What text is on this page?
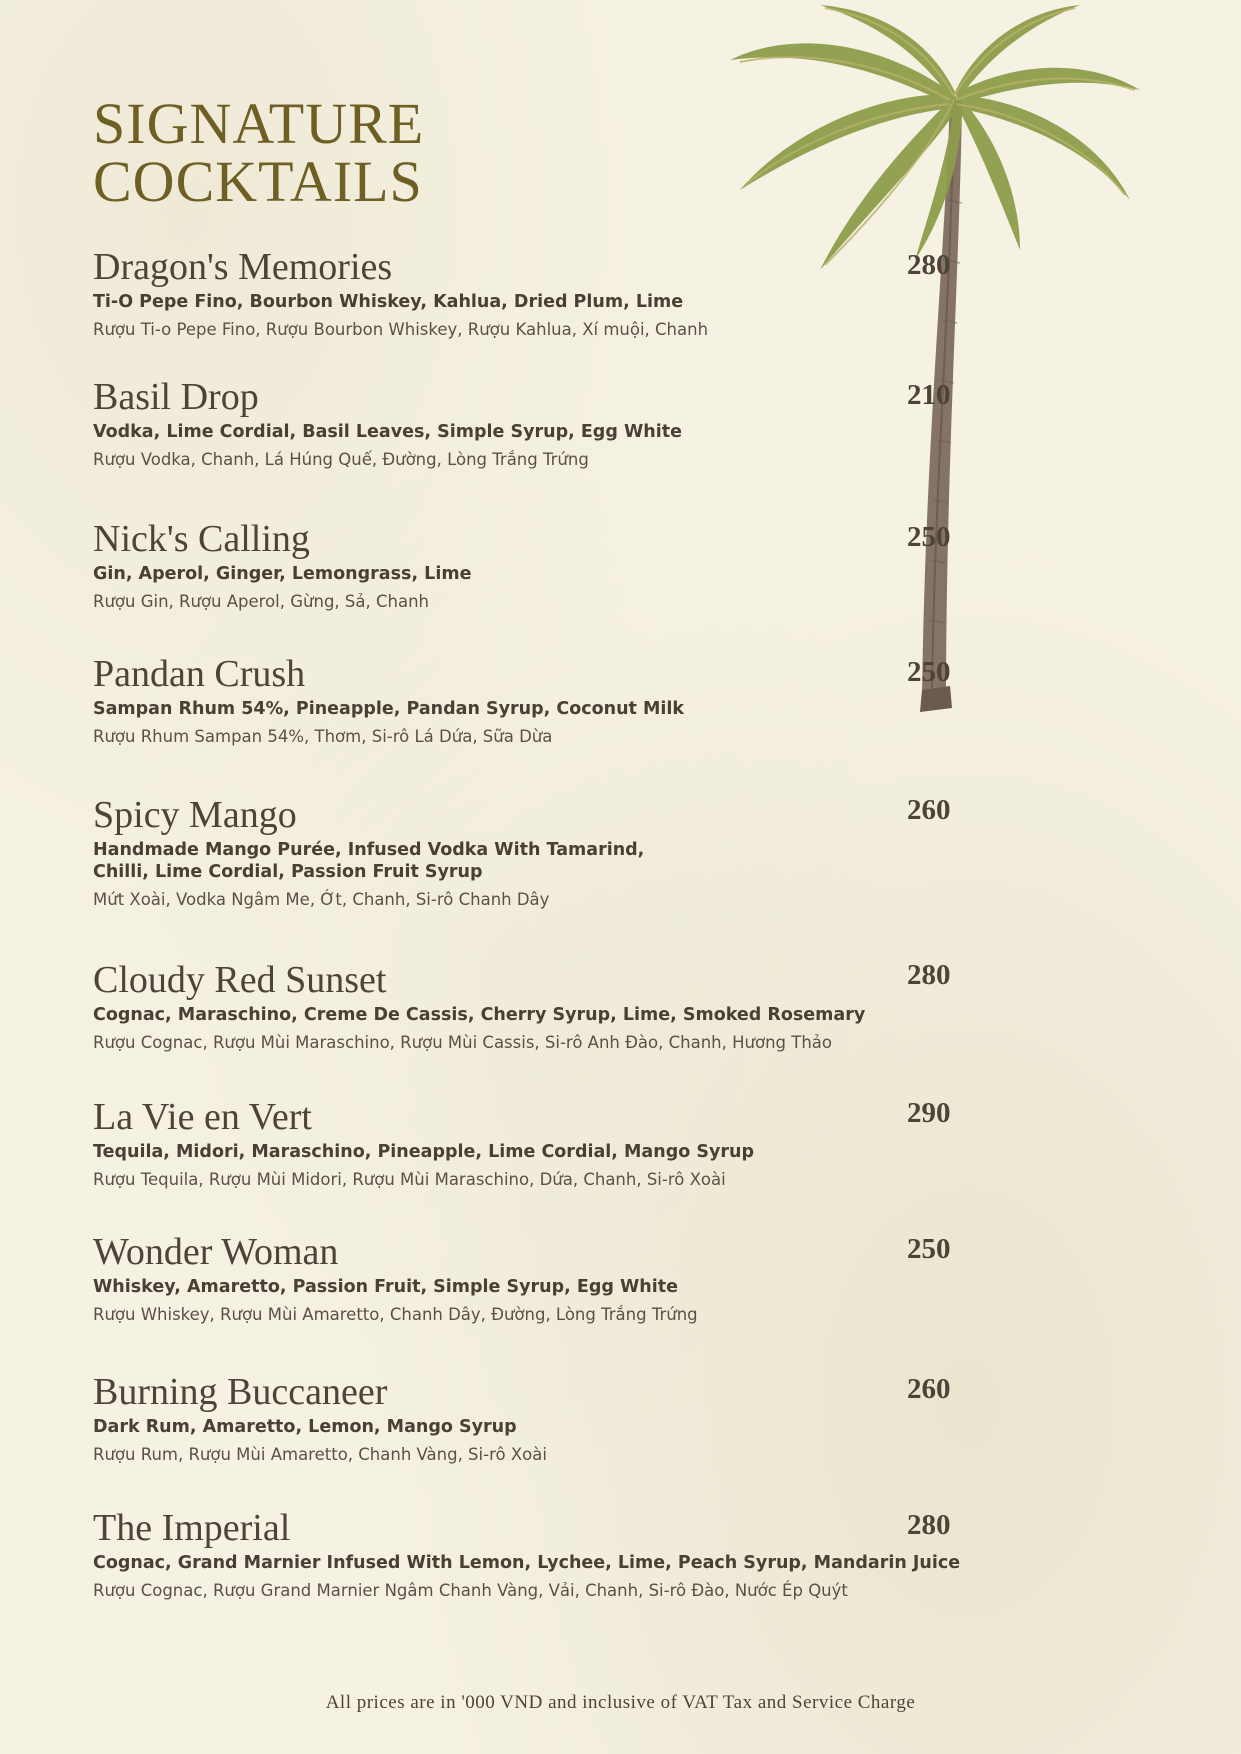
SIGNATURE
COCKTAILS
Dragon's Memories

Ti-O Pepe Fino, Bourbon Whiskey, Kahlua, Dried Plum, Lime

Rượu Ti-o Pepe Fino, Rượu Bourbon Whiskey, Rượu Kahlua, Xí muội, Chanh

280
Basil Drop

Vodka, Lime Cordial, Basil Leaves, Simple Syrup, Egg White

Rượu Vodka, Chanh, Lá Húng Quế, Đường, Lòng Trắng Trứng

210
Nick's Calling

Gin, Aperol, Ginger, Lemongrass, Lime

Rượu Gin, Rượu Aperol, Gừng, Sả, Chanh

250
Pandan Crush

Sampan Rhum 54%, Pineapple, Pandan Syrup, Coconut Milk

Rượu Rhum Sampan 54%, Thơm, Si-rô Lá Dứa, Sữa Dừa

250
Spicy Mango

Handmade Mango Purée, Infused Vodka With Tamarind,
Chilli, Lime Cordial, Passion Fruit Syrup

Mứt Xoài, Vodka Ngâm Me, Ớt, Chanh, Si-rô Chanh Dây

260
Cloudy Red Sunset

Cognac, Maraschino, Creme De Cassis, Cherry Syrup, Lime, Smoked Rosemary

Rượu Cognac, Rượu Mùi Maraschino, Rượu Mùi Cassis, Si-rô Anh Đào, Chanh, Hương Thảo

280
La Vie en Vert

Tequila, Midori, Maraschino, Pineapple, Lime Cordial, Mango Syrup

Rượu Tequila, Rượu Mùi Midori, Rượu Mùi Maraschino, Dứa, Chanh, Si-rô Xoài

290
Wonder Woman

Whiskey, Amaretto, Passion Fruit, Simple Syrup, Egg White

Rượu Whiskey, Rượu Mùi Amaretto, Chanh Dây, Đường, Lòng Trắng Trứng

250
Burning Buccaneer

Dark Rum, Amaretto, Lemon, Mango Syrup

Rượu Rum, Rượu Mùi Amaretto, Chanh Vàng, Si-rô Xoài

260
The Imperial

Cognac, Grand Marnier Infused With Lemon, Lychee, Lime, Peach Syrup, Mandarin Juice

Rượu Cognac, Rượu Grand Marnier Ngâm Chanh Vàng, Vải, Chanh, Si-rô Đào, Nước Ép Quýt

280
All prices are in '000 VND and inclusive of VAT Tax and Service Charge
